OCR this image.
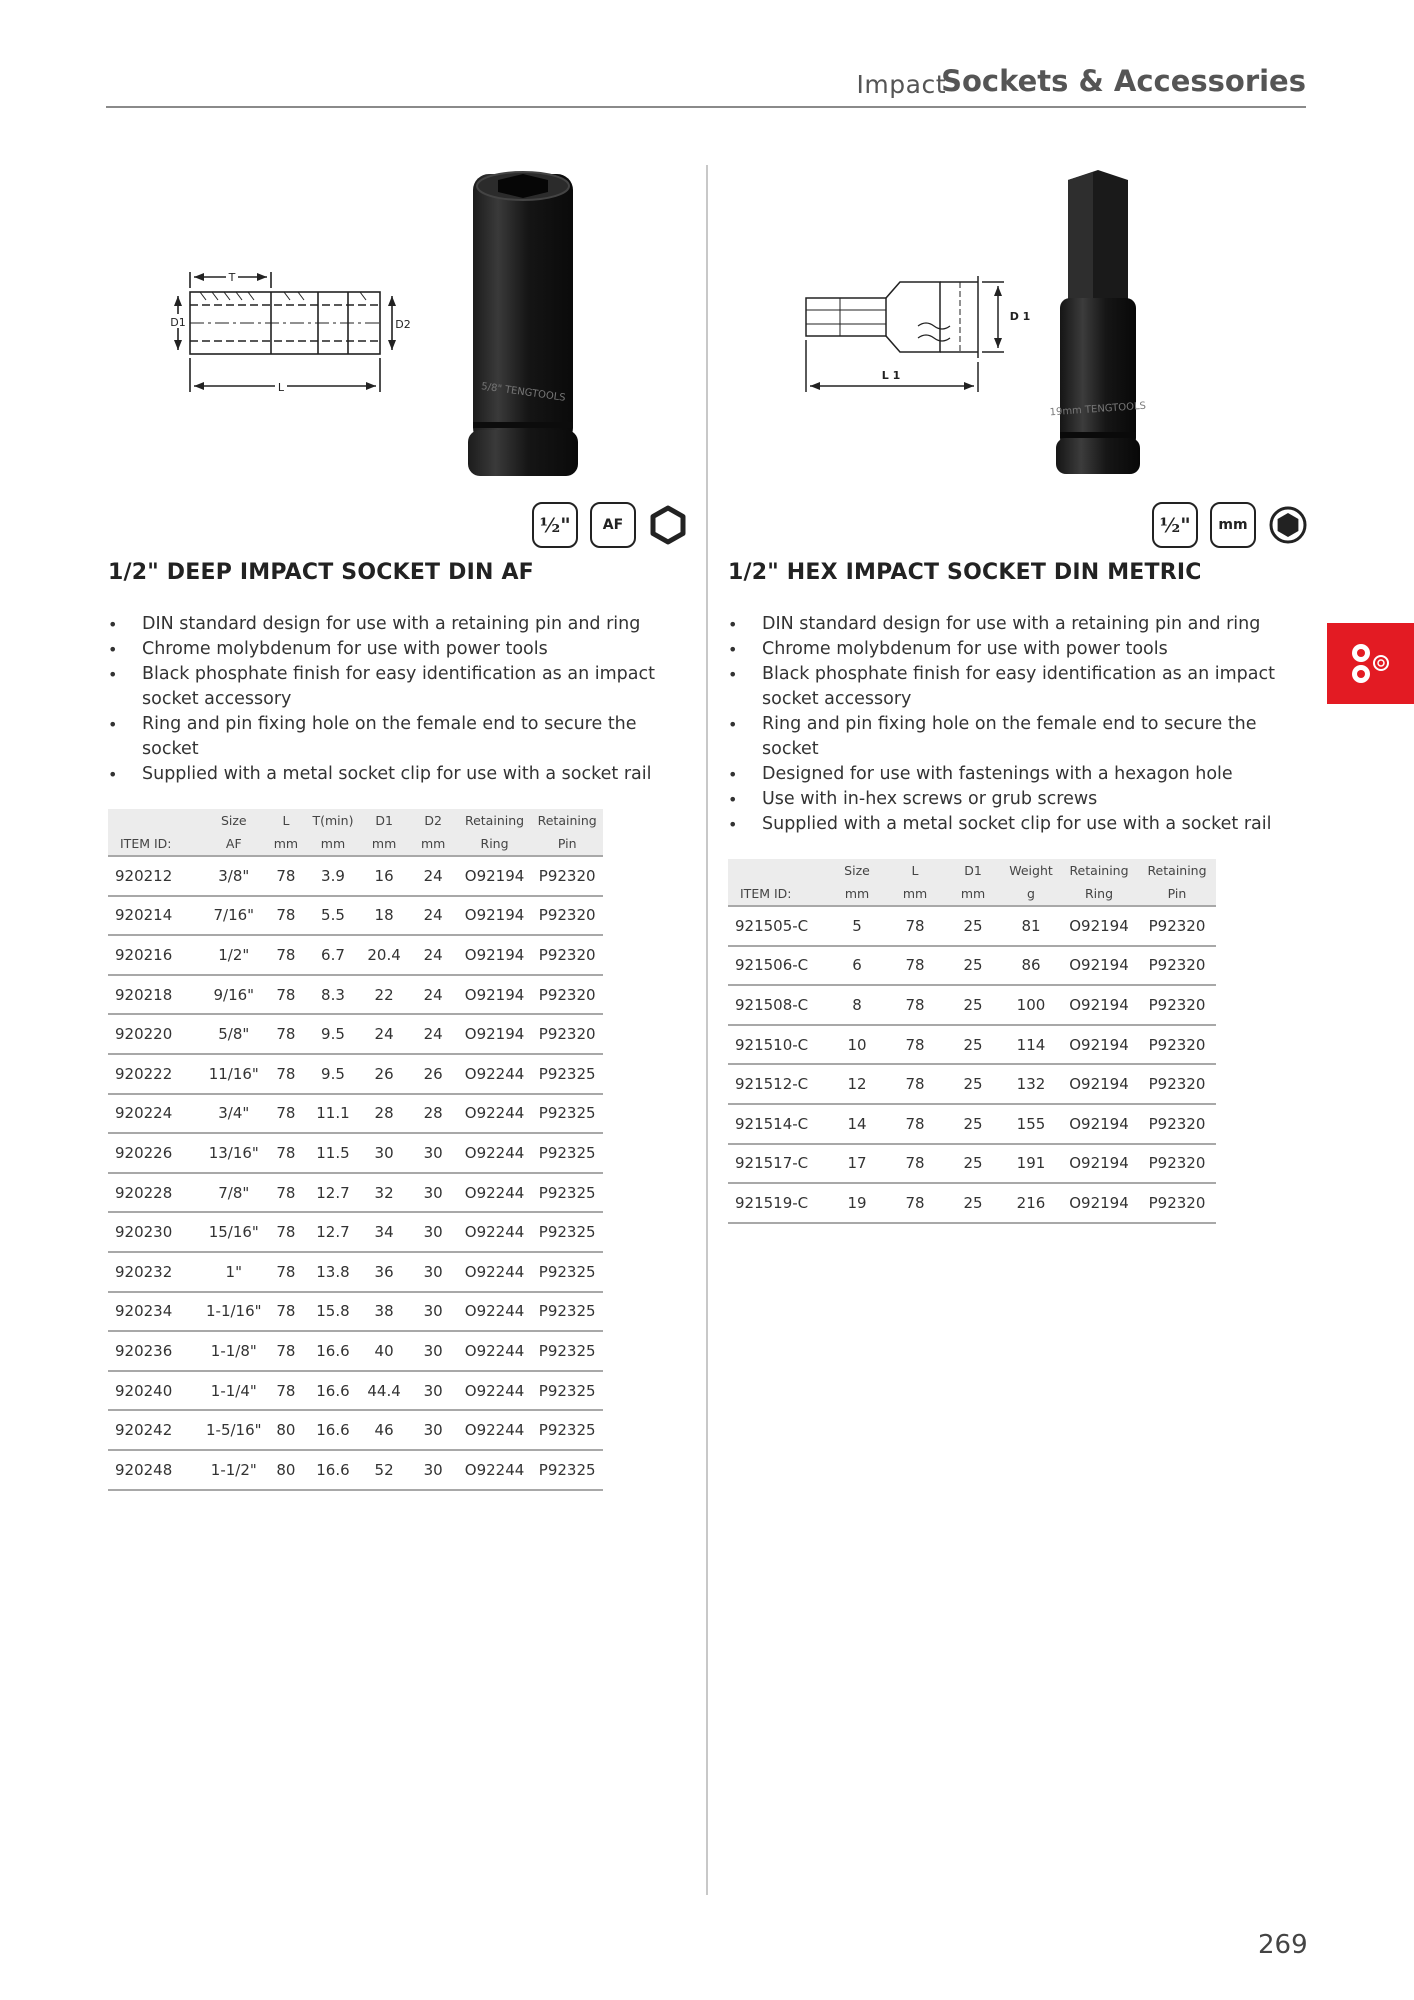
Impact
Sockets & Accessories
T
D1	D2
L	5/8" TENGTOOLS
½"	AF
1/2" DEEP IMPACT SOCKET DIN AF
• DIN standard design for use with a retaining pin and ring
• Chrome molybdenum for use with power tools
• Black phosphate finish for easy identification as an impact socket accessory
• Ring and pin fixing hole on the female end to secure the socket
• Supplied with a metal socket clip for use with a socket rail
	Size	L	T(min)	D1	D2	Retaining	Retaining
ITEM ID:	AF	mm	mm	mm	mm	Ring	Pin
920212	3/8"	78	3.9	16	24	O92194	P92320
920214	7/16"	78	5.5	18	24	O92194	P92320
920216	1/2"	78	6.7	20.4	24	O92194	P92320
920218	9/16"	78	8.3	22	24	O92194	P92320
920220	5/8"	78	9.5	24	24	O92194	P92320
920222	11/16"	78	9.5	26	26	O92244	P92325
920224	3/4"	78	11.1	28	28	O92244	P92325
920226	13/16"	78	11.5	30	30	O92244	P92325
920228	7/8"	78	12.7	32	30	O92244	P92325
920230	15/16"	78	12.7	34	30	O92244	P92325
920232	1"	78	13.8	36	30	O92244	P92325
920234	1-1/16"	78	15.8	38	30	O92244	P92325
920236	1-1/8"	78	16.6	40	30	O92244	P92325
920240	1-1/4"	78	16.6	44.4	30	O92244	P92325
920242	1-5/16"	80	16.6	46	30	O92244	P92325
920248	1-1/2"	80	16.6	52	30	O92244	P92325
D 1
L 1
19mm TENGTOOLS
½"	mm
1/2" HEX IMPACT SOCKET DIN METRIC
• DIN standard design for use with a retaining pin and ring
• Chrome molybdenum for use with power tools
• Black phosphate finish for easy identification as an impact socket accessory
• Ring and pin fixing hole on the female end to secure the socket
• Designed for use with fastenings with a hexagon hole
• Use with in-hex screws or grub screws
• Supplied with a metal socket clip for use with a socket rail
	Size	L	D1	Weight	Retaining	Retaining
ITEM ID:	mm	mm	mm	g	Ring	Pin
921505-C	5	78	25	81	O92194	P92320
921506-C	6	78	25	86	O92194	P92320
921508-C	8	78	25	100	O92194	P92320
921510-C	10	78	25	114	O92194	P92320
921512-C	12	78	25	132	O92194	P92320
921514-C	14	78	25	155	O92194	P92320
921517-C	17	78	25	191	O92194	P92320
921519-C	19	78	25	216	O92194	P92320
269
